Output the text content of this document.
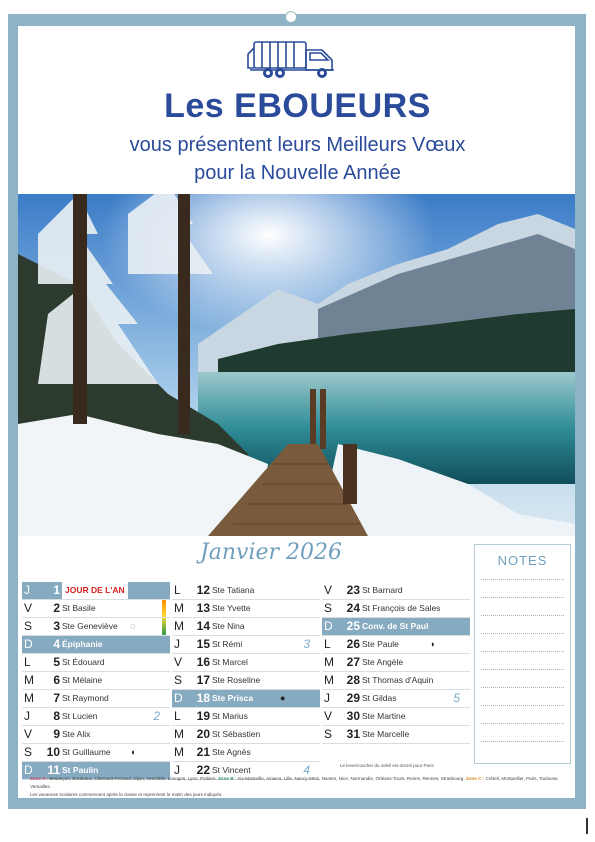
Les EBOUEURS
vous présentent leurs Meilleurs Vœux
pour la Nouvelle Année
Janvier 2026
J	1 JOUR DE L'AN 1
V	2 St Basile
S	3 Ste Geneviève ◌
D	4 Épiphanie
L	5 St Édouard
M	6 St Mélaine
M	7 St Raymond
J	8 St Lucien	2
V	9 Ste Alix
S	10 St Guillaume ◖
D	11 St Paulin
L	12 Ste Tatiana
M	13 Ste Yvette
M	14 Ste Nina
J	15 St Rémi	3
V	16 St Marcel
S	17 Ste Roseline
D	18 Ste Prisca	●
L	19 St Marius
M	20 St Sébastien
M	21 Ste Agnès
J	22 St Vincent	4
V	23 St Barnard
S	24 St François de Sales
D	25 Conv. de St Paul
L	26 Ste Paule	◗
M	27 Ste Angèle
M	28 St Thomas d'Aquin
J	29 St Gildas	5
V	30 Ste Martine
S	31 Ste Marcelle
NOTES
Le lever/coucher du soleil est donné pour Paris
Zone A : Besançon, Bordeaux, Clermont-Ferrand, Dijon, Grenoble, Limoges, Lyon, Poitiers. Zone B : Aix-Marseille, Amiens, Lille, Nancy-Metz, Nantes, Nice, Normandie, Orléans-Tours, Reims, Rennes, Strasbourg. Zone C : Créteil, Montpellier, Paris, Toulouse, Versailles.
Les vacances scolaires commencent après la classe et reprennent le matin des jours indiqués.
